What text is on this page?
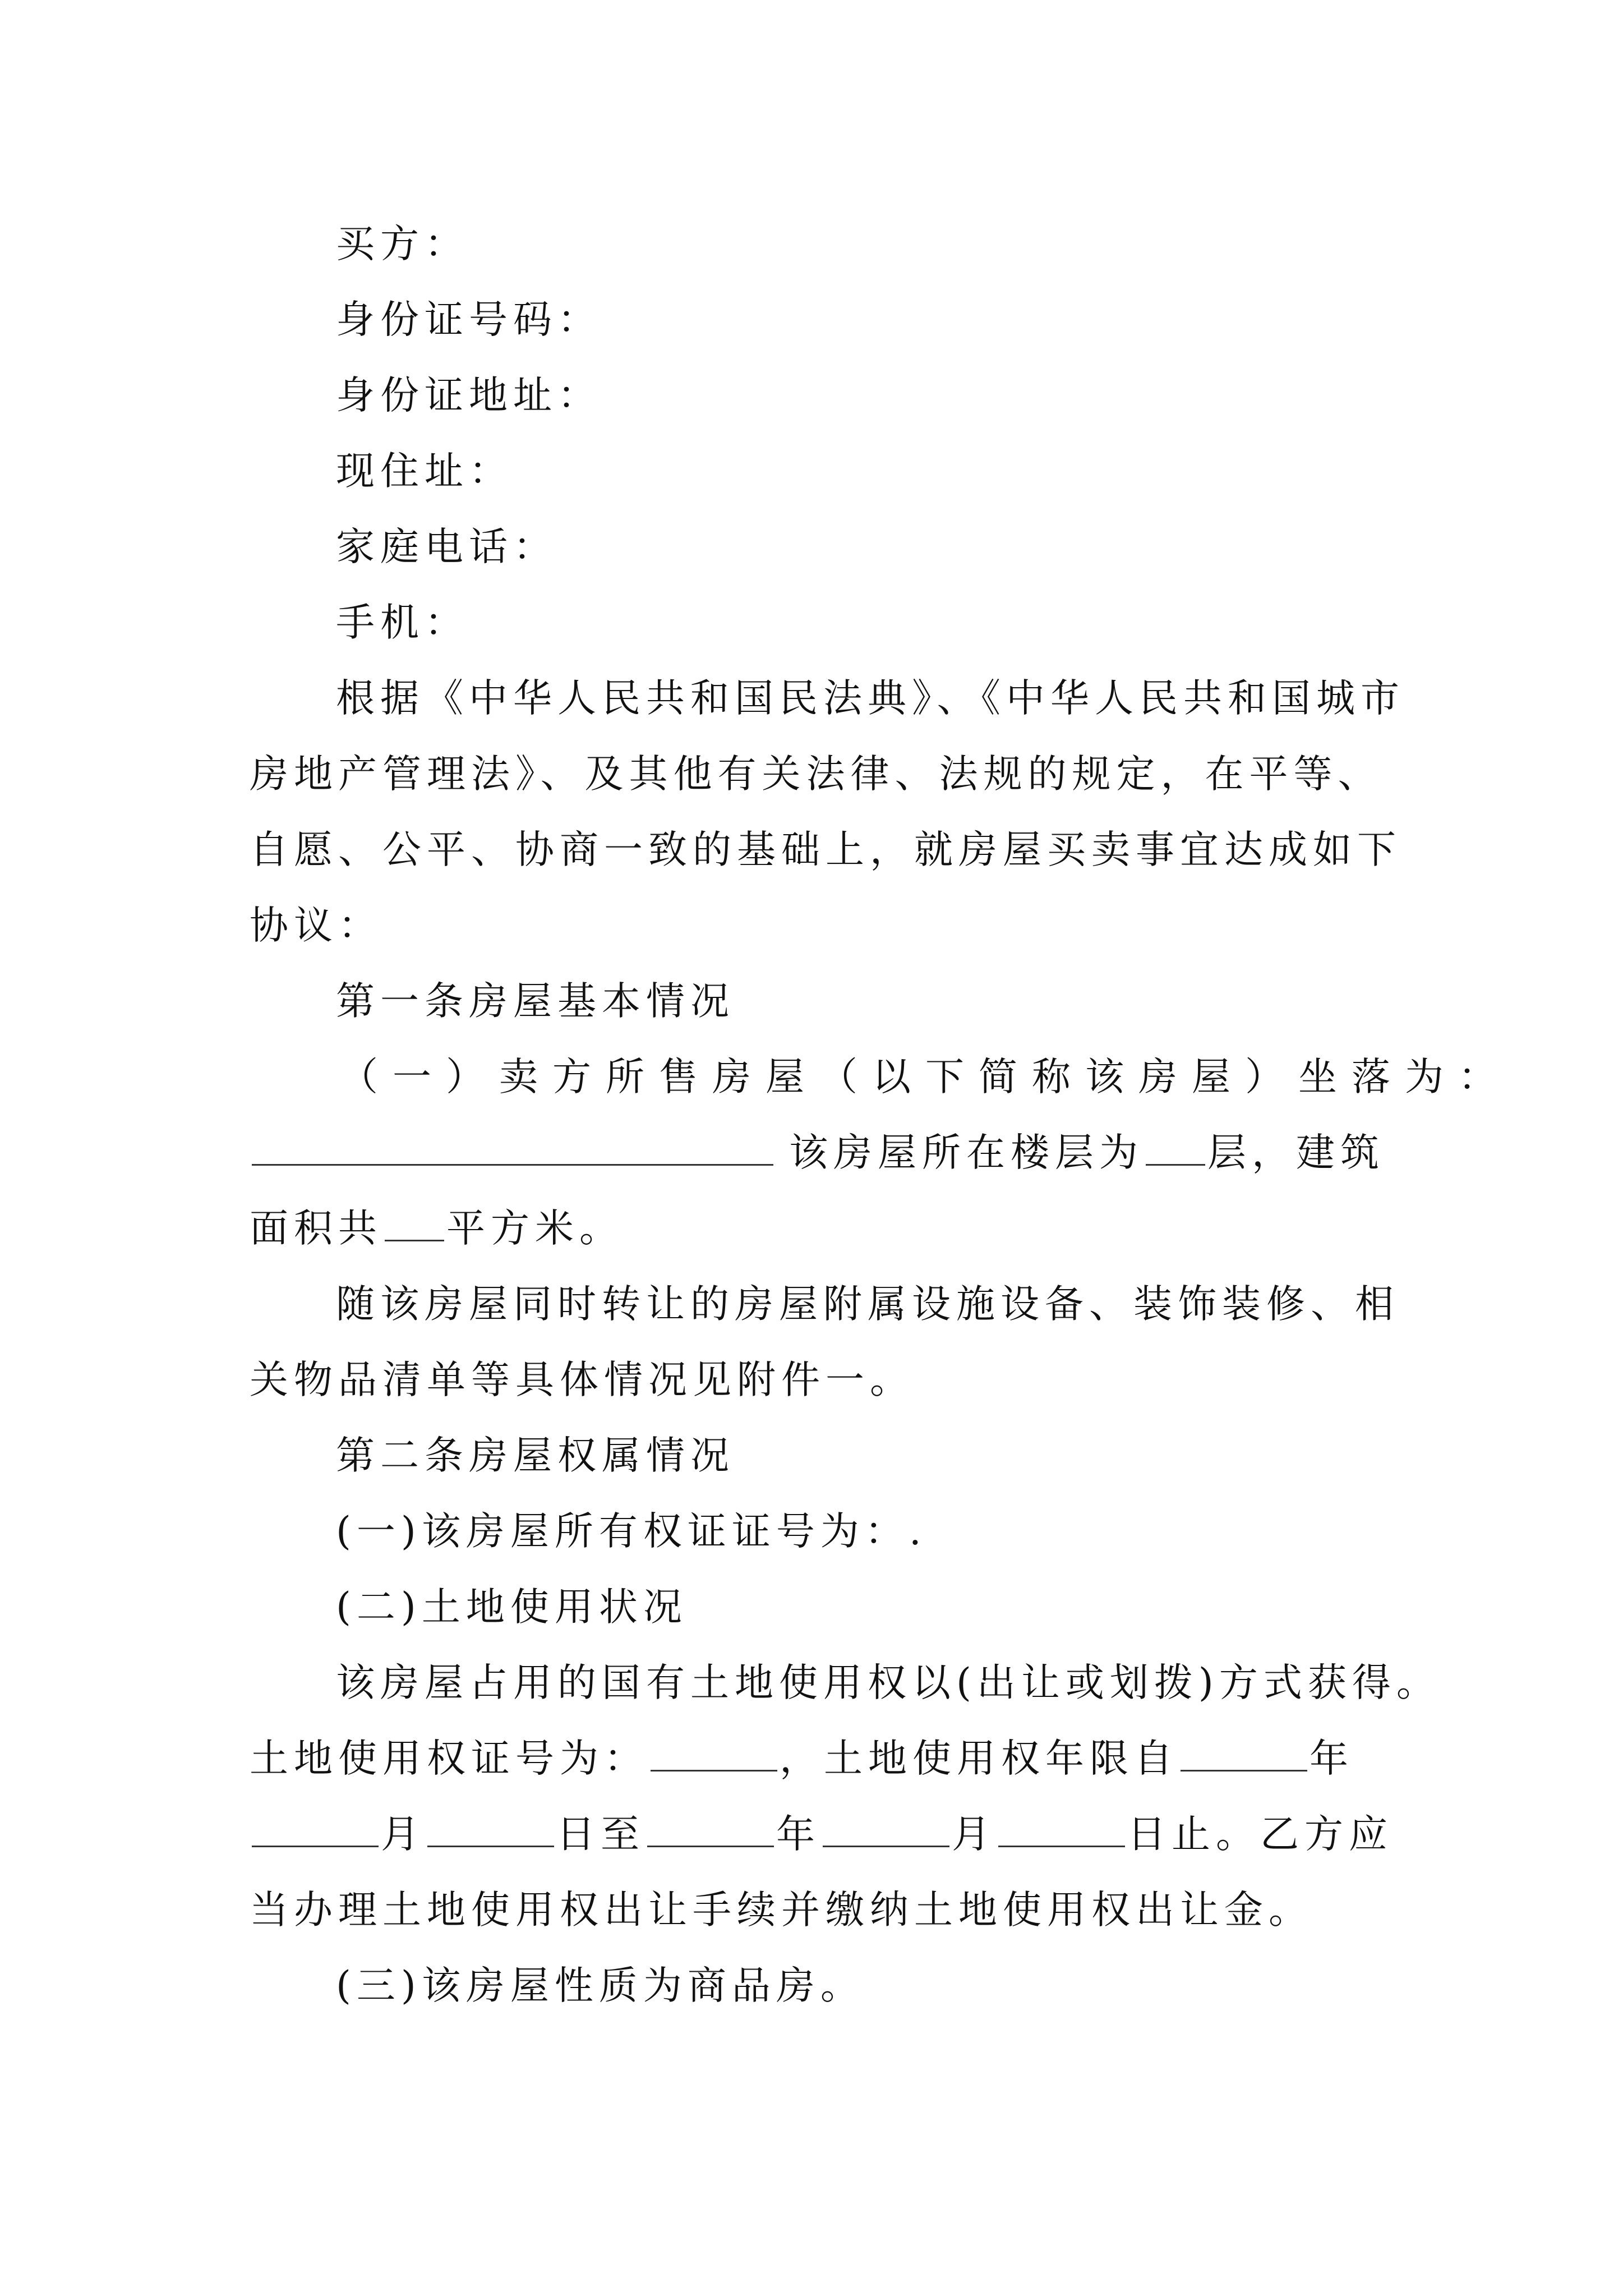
买方：
身份证号码：
身份证地址：
现住址：
家庭电话：
手机：
根据《中华人民共和国民法典》、《中华人民共和国城市
房地产管理法》、及其他有关法律、法规的规定，在平等、
自愿、公平、协商一致的基础上，就房屋买卖事宜达成如下
协议：
第一条房屋基本情况
（一）卖方所售房屋（以下简称该房屋）坐落为：
该房屋所在楼层为 层，建筑
面积共 平方米。
随该房屋同时转让的房屋附属设施设备、装饰装修、相
关物品清单等具体情况见附件一。
第二条房屋权属情况
(一)该房屋所有权证证号为：.
(二)土地使用状况
该房屋占用的国有土地使用权以(出让或划拨)方式获得。
土地使用权证号为：	，土地使用权年限自	年
月	日至	年	月	日止。乙方应
当办理土地使用权出让手续并缴纳土地使用权出让金。
(三)该房屋性质为商品房。
